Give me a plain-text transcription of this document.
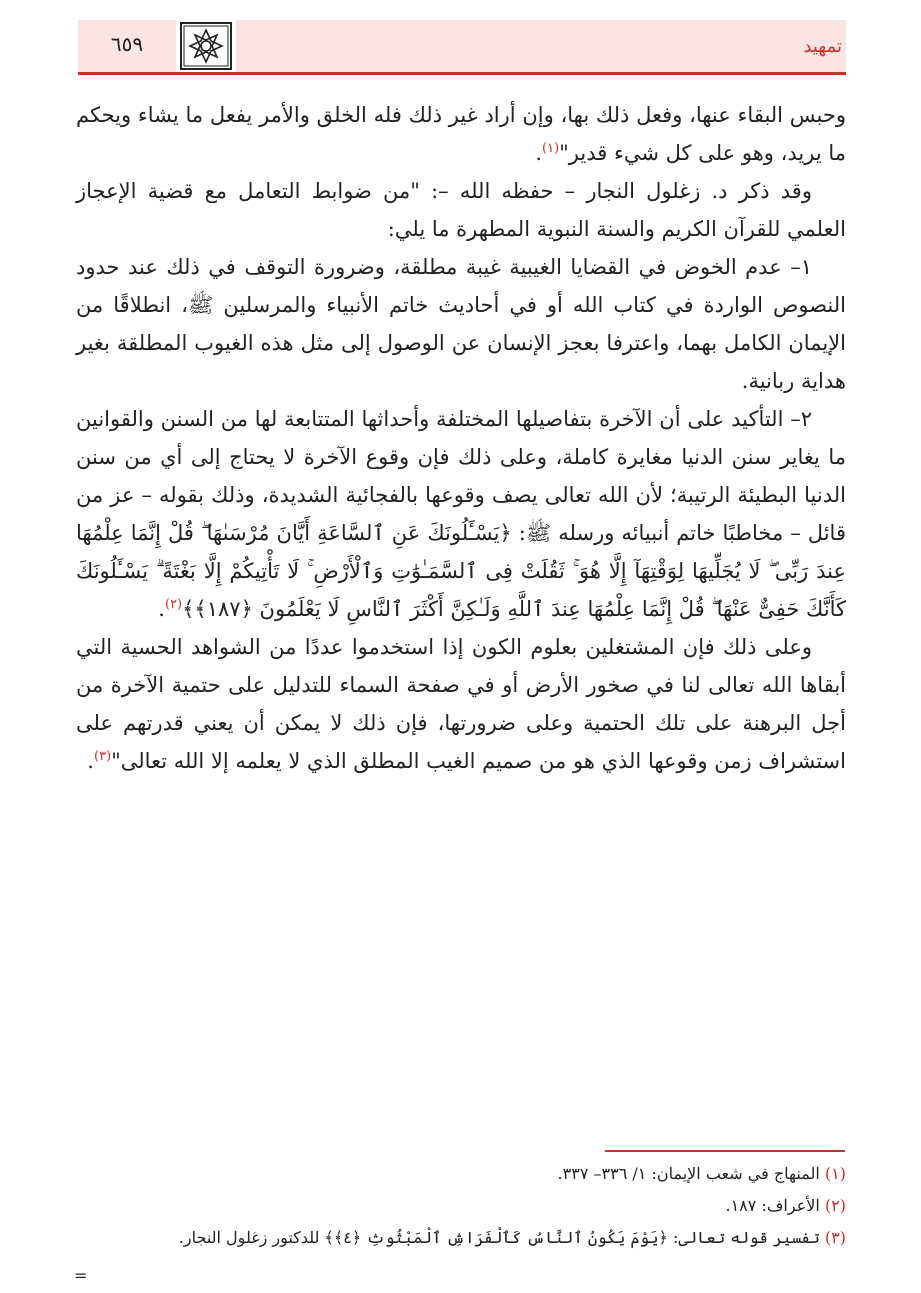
٦٥٩	تمهيد

وحبس البقاء عنها، وفعل ذلك بها، وإن أراد غير ذلك فله الخلق والأمر يفعل ما يشاء ويحكم ما يريد، وهو على كل شيء قدير"$^{(١)}$.

وقد ذكر د. زغلول النجار – حفظه الله –: "من ضوابط التعامل مع قضية الإعجاز العلمي للقرآن الكريم والسنة النبوية المطهرة ما يلي:

١– عدم الخوض في القضايا الغيبية غيبة مطلقة، وضرورة التوقف في ذلك عند حدود النصوص الواردة في كتاب الله أو في أحاديث خاتم الأنبياء والمرسلين ﷺ، انطلاقًا من الإيمان الكامل بهما، واعترفا بعجز الإنسان عن الوصول إلى مثل هذه الغيوب المطلقة بغير هداية ربانية.

٢– التأكيد على أن الآخرة بتفاصيلها المختلفة وأحداثها المتتابعة لها من السنن والقوانين ما يغاير سنن الدنيا مغايرة كاملة، وعلى ذلك فإن وقوع الآخرة لا يحتاج إلى أي من سنن الدنيا البطيئة الرتيبة؛ لأن الله تعالى يصف وقوعها بالفجائية الشديدة، وذلك بقوله – عز من قائل – مخاطبًا خاتم أنبيائه ورسله ﷺ: ﴿يَسْـَٔلُونَكَ عَنِ ٱلسَّاعَةِ أَيَّانَ مُرْسَىٰهَا ۖ قُلْ إِنَّمَا عِلْمُهَا عِندَ رَبِّى ۖ لَا يُجَلِّيهَا لِوَقْتِهَآ إِلَّا هُوَ ۚ ثَقُلَتْ فِى ٱلسَّمَـٰوَٰتِ وَٱلْأَرْضِ ۚ لَا تَأْتِيكُمْ إِلَّا بَغْتَةً ۗ يَسْـَٔلُونَكَ كَأَنَّكَ حَفِىٌّ عَنْهَا ۖ قُلْ إِنَّمَا عِلْمُهَا عِندَ ٱللَّهِ وَلَـٰكِنَّ أَكْثَرَ ٱلنَّاسِ لَا يَعْلَمُونَ ﴿١٨٧﴾﴾$^{(٢)}$.

وعلى ذلك فإن المشتغلين بعلوم الكون إذا استخدموا عددًا من الشواهد الحسية التي أبقاها الله تعالى لنا في صخور الأرض أو في صفحة السماء للتدليل على حتمية الآخرة من أجل البرهنة على تلك الحتمية وعلى ضرورتها، فإن ذلك لا يمكن أن يعني قدرتهم على استشراف زمن وقوعها الذي هو من صميم الغيب المطلق الذي لا يعلمه إلا الله تعالى"$^{(٣)}$.

(١) المنهاج في شعب الإيمان: ١/ ٣٣٦– ٣٣٧.

(٢) الأعراف: ١٨٧.

(٣) تفسير قوله تعالى: ﴿يَوْمَ يَكُونُ ٱلنَّاسُ كَٱلْفَرَاشِ ٱلْمَبْثُوثِ ﴿٤﴾﴾ للدكتور زغلول النجار.

=
